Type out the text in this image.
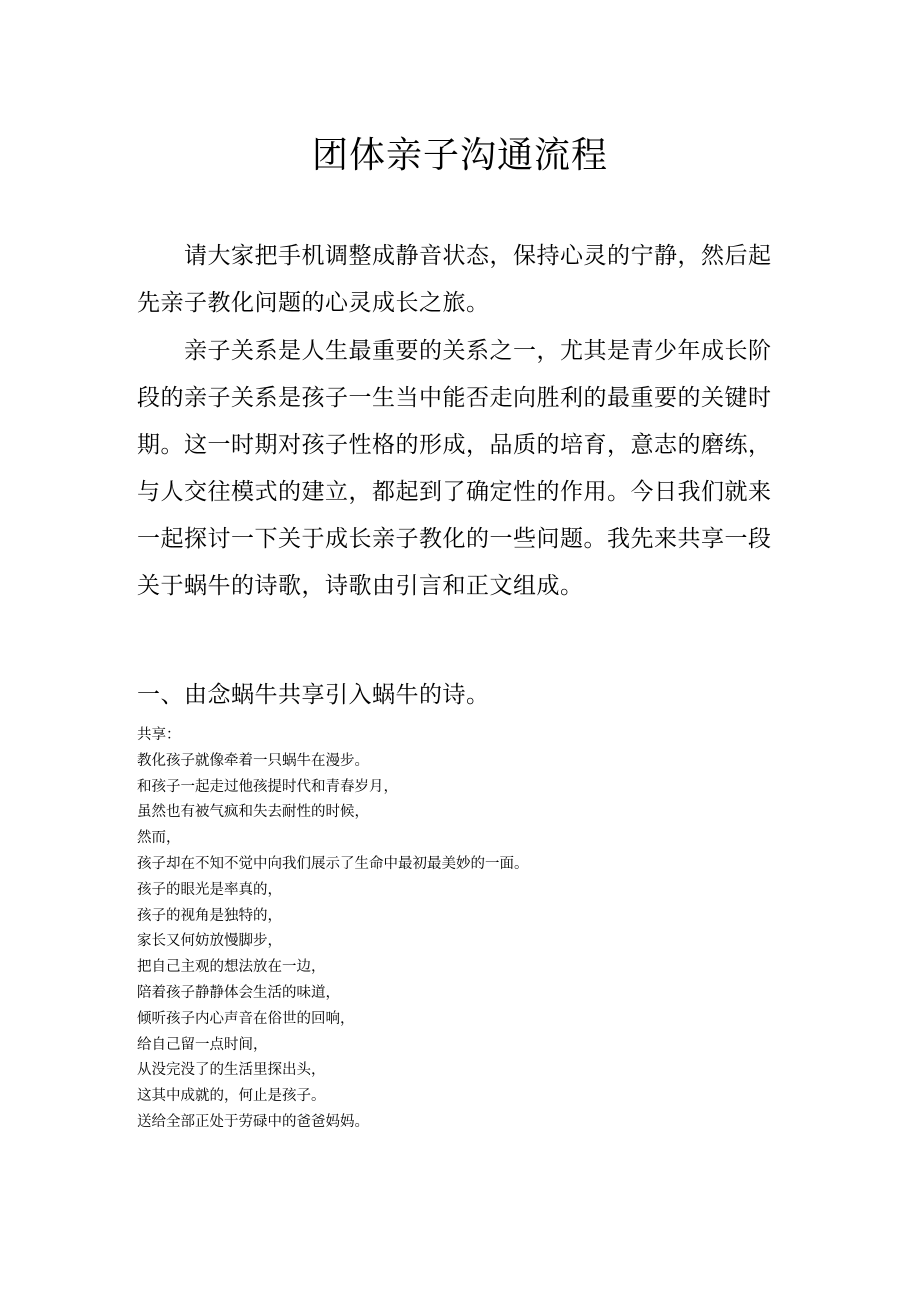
团体亲子沟通流程

请大家把手机调整成静音状态，保持心灵的宁静，然后起先亲子教化问题的心灵成长之旅。

亲子关系是人生最重要的关系之一，尤其是青少年成长阶段的亲子关系是孩子一生当中能否走向胜利的最重要的关键时期。这一时期对孩子性格的形成，品质的培育，意志的磨练，与人交往模式的建立，都起到了确定性的作用。今日我们就来一起探讨一下关于成长亲子教化的一些问题。我先来共享一段关于蜗牛的诗歌，诗歌由引言和正文组成。

一、由念蜗牛共享引入蜗牛的诗。
共享：
教化孩子就像牵着一只蜗牛在漫步。
和孩子一起走过他孩提时代和青春岁月，
虽然也有被气疯和失去耐性的时候，
然而，
孩子却在不知不觉中向我们展示了生命中最初最美妙的一面。
孩子的眼光是率真的，
孩子的视角是独特的，
家长又何妨放慢脚步，
把自己主观的想法放在一边，
陪着孩子静静体会生活的味道，
倾听孩子内心声音在俗世的回响，
给自己留一点时间，
从没完没了的生活里探出头，
这其中成就的，何止是孩子。
送给全部正处于劳碌中的爸爸妈妈。
